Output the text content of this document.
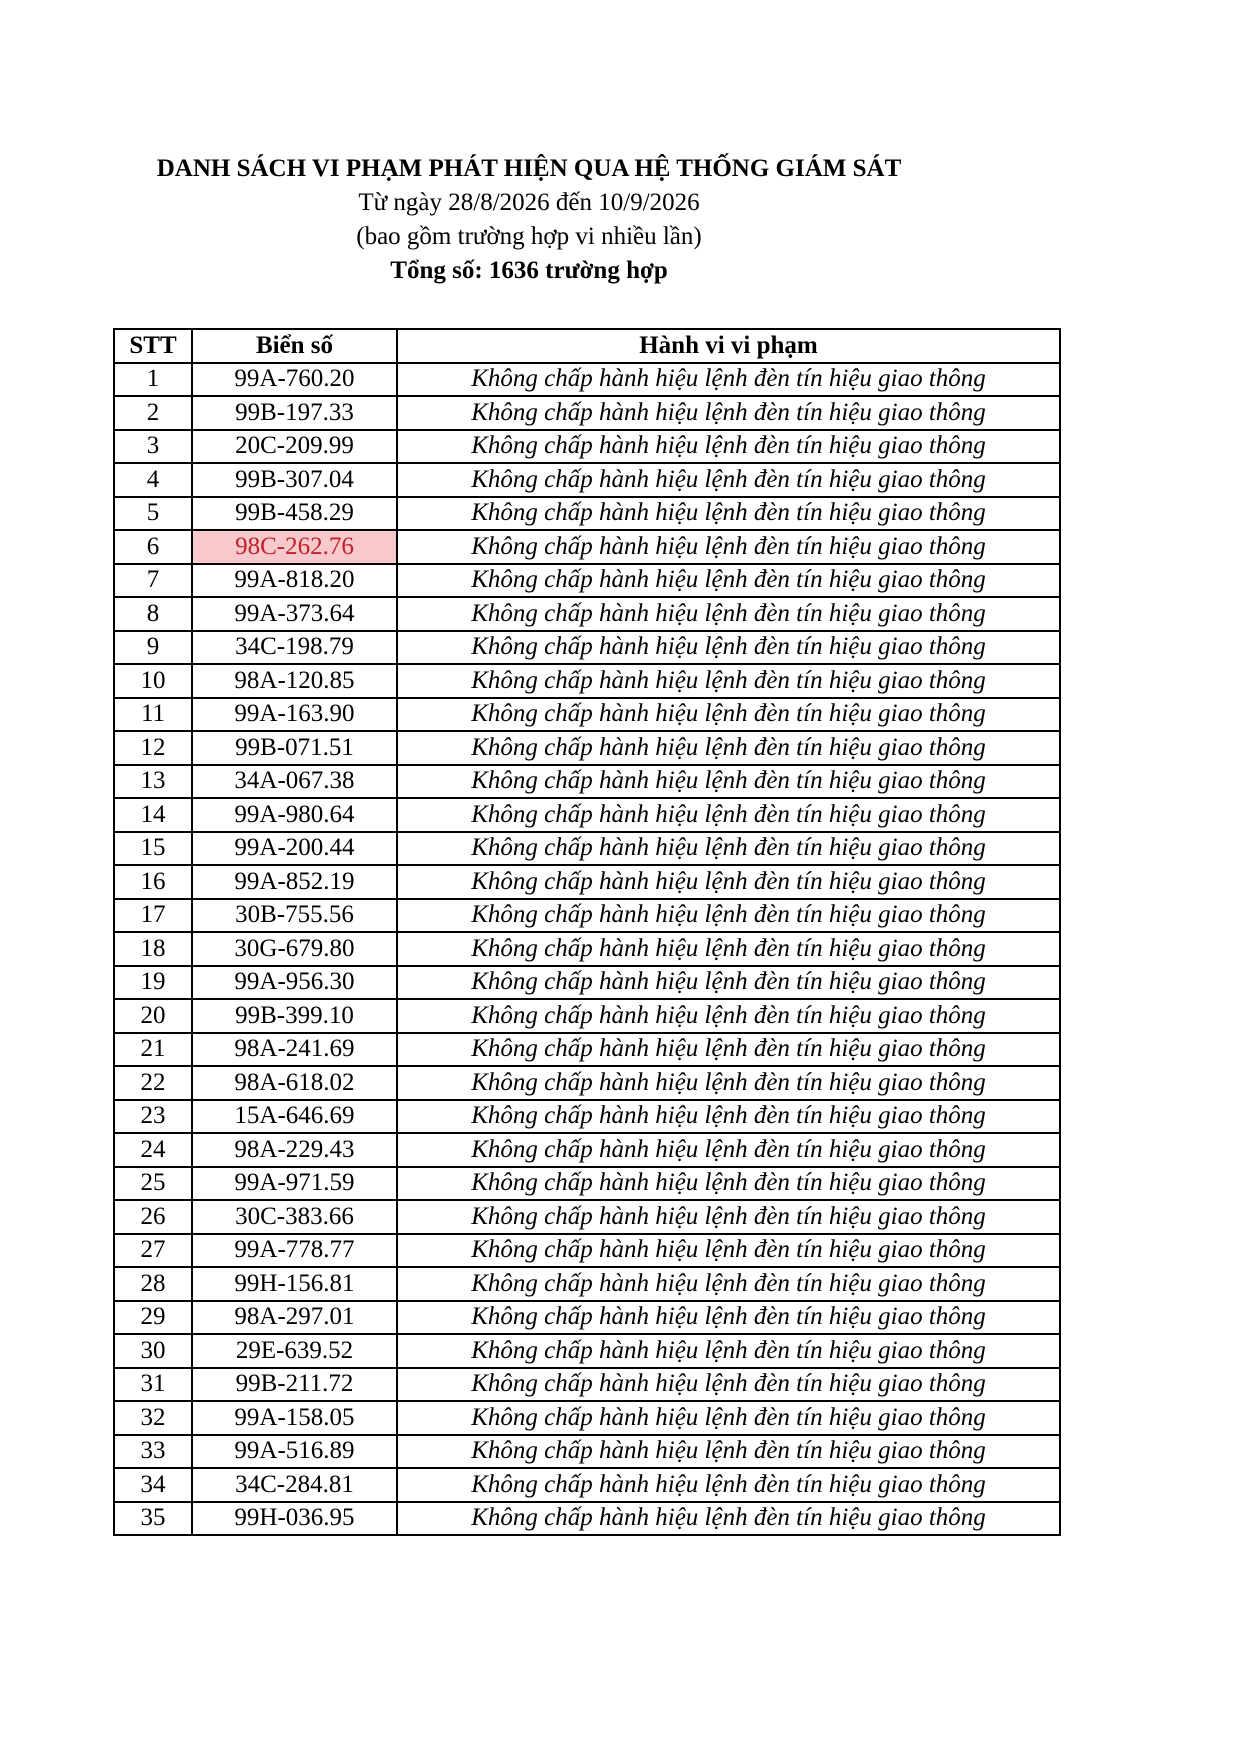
DANH SÁCH VI PHẠM PHÁT HIỆN QUA HỆ THỐNG GIÁM SÁT

Từ ngày 28/8/2026 đến 10/9/2026

(bao gồm trường hợp vi nhiều lần)

Tổng số: 1636 trường hợp

STT	Biển số	Hành vi vi phạm
1	99A-760.20	Không chấp hành hiệu lệnh đèn tín hiệu giao thông
2	99B-197.33	Không chấp hành hiệu lệnh đèn tín hiệu giao thông
3	20C-209.99	Không chấp hành hiệu lệnh đèn tín hiệu giao thông
4	99B-307.04	Không chấp hành hiệu lệnh đèn tín hiệu giao thông
5	99B-458.29	Không chấp hành hiệu lệnh đèn tín hiệu giao thông
6	98C-262.76	Không chấp hành hiệu lệnh đèn tín hiệu giao thông
7	99A-818.20	Không chấp hành hiệu lệnh đèn tín hiệu giao thông
8	99A-373.64	Không chấp hành hiệu lệnh đèn tín hiệu giao thông
9	34C-198.79	Không chấp hành hiệu lệnh đèn tín hiệu giao thông
10	98A-120.85	Không chấp hành hiệu lệnh đèn tín hiệu giao thông
11	99A-163.90	Không chấp hành hiệu lệnh đèn tín hiệu giao thông
12	99B-071.51	Không chấp hành hiệu lệnh đèn tín hiệu giao thông
13	34A-067.38	Không chấp hành hiệu lệnh đèn tín hiệu giao thông
14	99A-980.64	Không chấp hành hiệu lệnh đèn tín hiệu giao thông
15	99A-200.44	Không chấp hành hiệu lệnh đèn tín hiệu giao thông
16	99A-852.19	Không chấp hành hiệu lệnh đèn tín hiệu giao thông
17	30B-755.56	Không chấp hành hiệu lệnh đèn tín hiệu giao thông
18	30G-679.80	Không chấp hành hiệu lệnh đèn tín hiệu giao thông
19	99A-956.30	Không chấp hành hiệu lệnh đèn tín hiệu giao thông
20	99B-399.10	Không chấp hành hiệu lệnh đèn tín hiệu giao thông
21	98A-241.69	Không chấp hành hiệu lệnh đèn tín hiệu giao thông
22	98A-618.02	Không chấp hành hiệu lệnh đèn tín hiệu giao thông
23	15A-646.69	Không chấp hành hiệu lệnh đèn tín hiệu giao thông
24	98A-229.43	Không chấp hành hiệu lệnh đèn tín hiệu giao thông
25	99A-971.59	Không chấp hành hiệu lệnh đèn tín hiệu giao thông
26	30C-383.66	Không chấp hành hiệu lệnh đèn tín hiệu giao thông
27	99A-778.77	Không chấp hành hiệu lệnh đèn tín hiệu giao thông
28	99H-156.81	Không chấp hành hiệu lệnh đèn tín hiệu giao thông
29	98A-297.01	Không chấp hành hiệu lệnh đèn tín hiệu giao thông
30	29E-639.52	Không chấp hành hiệu lệnh đèn tín hiệu giao thông
31	99B-211.72	Không chấp hành hiệu lệnh đèn tín hiệu giao thông
32	99A-158.05	Không chấp hành hiệu lệnh đèn tín hiệu giao thông
33	99A-516.89	Không chấp hành hiệu lệnh đèn tín hiệu giao thông
34	34C-284.81	Không chấp hành hiệu lệnh đèn tín hiệu giao thông
35	99H-036.95	Không chấp hành hiệu lệnh đèn tín hiệu giao thông
